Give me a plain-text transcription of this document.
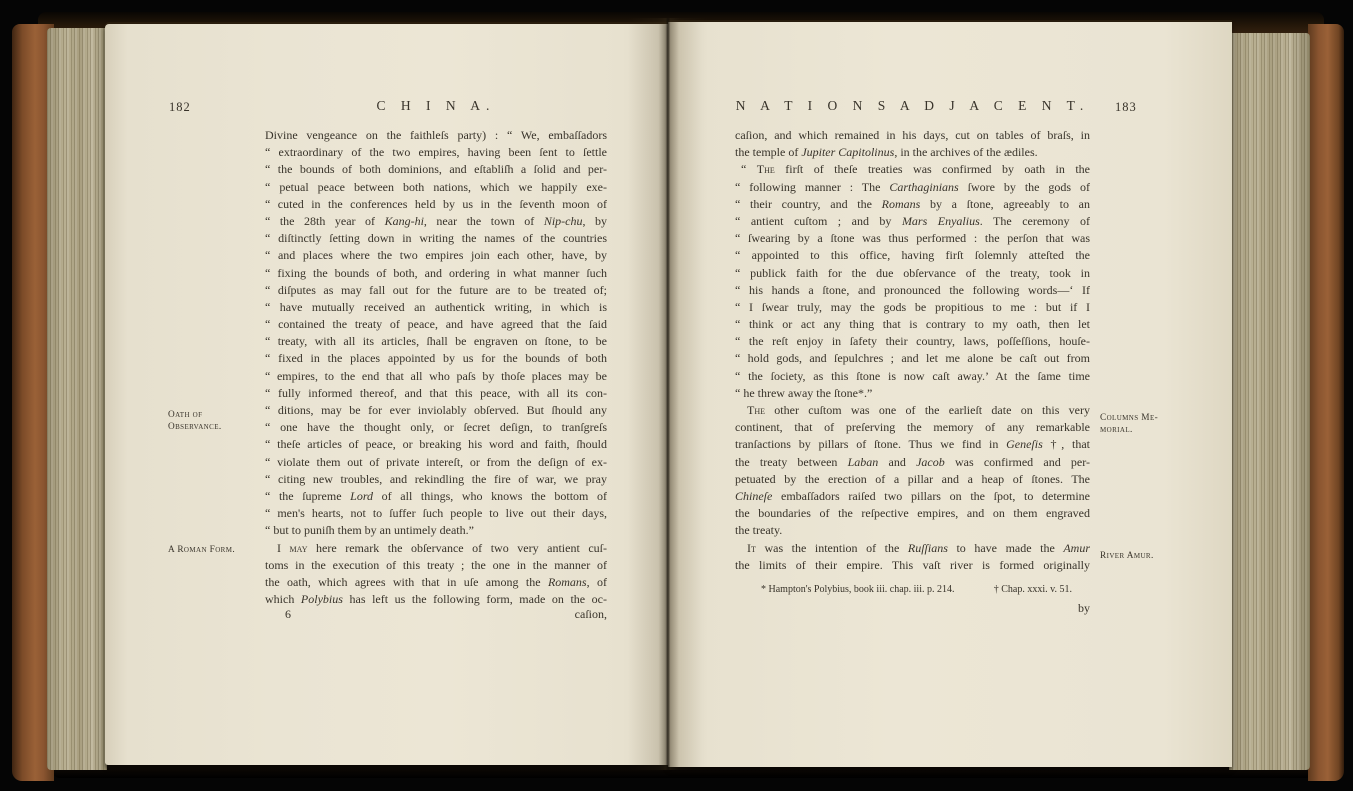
182	C H I N A.
Divine vengeance on the faithleſs party) : “ We, embaſſadors
“ extraordinary of the two empires, having been ſent to ſettle
“ the bounds of both dominions, and eſtabliſh a ſolid and per-
“ petual peace between both nations, which we happily exe-
“ cuted in the conferences held by us in the ſeventh moon of
“ the 28th year of Kang-hi, near the town of Nip-chu, by
“ diſtinctly ſetting down in writing the names of the countries
“ and places where the two empires join each other, have, by
“ fixing the bounds of both, and ordering in what manner ſuch
“ diſputes as may fall out for the future are to be treated of;
“ have mutually received an authentick writing, in which is
“ contained the treaty of peace, and have agreed that the ſaid
“ treaty, with all its articles, ſhall be engraven on ſtone, to be
“ fixed in the places appointed by us for the bounds of both
“ empires, to the end that all who paſs by thoſe places may be
“ fully informed thereof, and that this peace, with all its con-
“ ditions, may be for ever inviolably obſerved. But ſhould any
“ one have the thought only, or ſecret deſign, to tranſgreſs
“ theſe articles of peace, or breaking his word and faith, ſhould
“ violate them out of private intereſt, or from the deſign of ex-
“ citing new troubles, and rekindling the fire of war, we pray
“ the ſupreme Lord of all things, who knows the bottom of
“ men's hearts, not to ſuffer ſuch people to live out their days,
“ but to puniſh them by an untimely death.”
 I may here remark the obſervance of two very antient cuſ-
toms in the execution of this treaty ; the one in the manner of
the oath, which agrees with that in uſe among the Romans, of
which Polybius has left us the following form, made on the oc-
6	caſion,
Oath of
Observance.
A Roman Form.
183
N A T I O N S A D J A C E N T.
caſion, and which remained in his days, cut on tables of braſs, in
the temple of Jupiter Capitolinus, in the archives of the ædiles.
 “ The firſt of theſe treaties was confirmed by oath in the
“ following manner : The Carthaginians ſwore by the gods of
“ their country, and the Romans by a ſtone, agreeably to an
“ antient cuſtom ; and by Mars Enyalius. The ceremony of
“ ſwearing by a ſtone was thus performed : the perſon that was
“ appointed to this office, having firſt ſolemnly atteſted the
“ publick faith for the due obſervance of the treaty, took in
“ his hands a ſtone, and pronounced the following words—‘ If
“ I ſwear truly, may the gods be propitious to me : but if I
“ think or act any thing that is contrary to my oath, then let
“ the reſt enjoy in ſafety their country, laws, poſſeſſions, houſe-
“ hold gods, and ſepulchres ; and let me alone be caſt out from
“ the ſociety, as this ſtone is now caſt away.’ At the ſame time
“ he threw away the ſtone*.”
 The other cuſtom was one of the earlieſt date on this very
continent, that of preſerving the memory of any remarkable
tranſactions by pillars of ſtone. Thus we find in Geneſis †, that
the treaty between Laban and Jacob was confirmed and per-
petuated by the erection of a pillar and a heap of ſtones. The
Chineſe embaſſadors raiſed two pillars on the ſpot, to determine
the boundaries of the reſpective empires, and on them engraved
the treaty.
 It was the intention of the Ruſſians to have made the Amur
the limits of their empire. This vaſt river is formed originally
* Hampton's Polybius, book iii. chap. iii. p. 214.	† Chap. xxxi. v. 51.
by
Columns Me-
morial.
River Amur.
